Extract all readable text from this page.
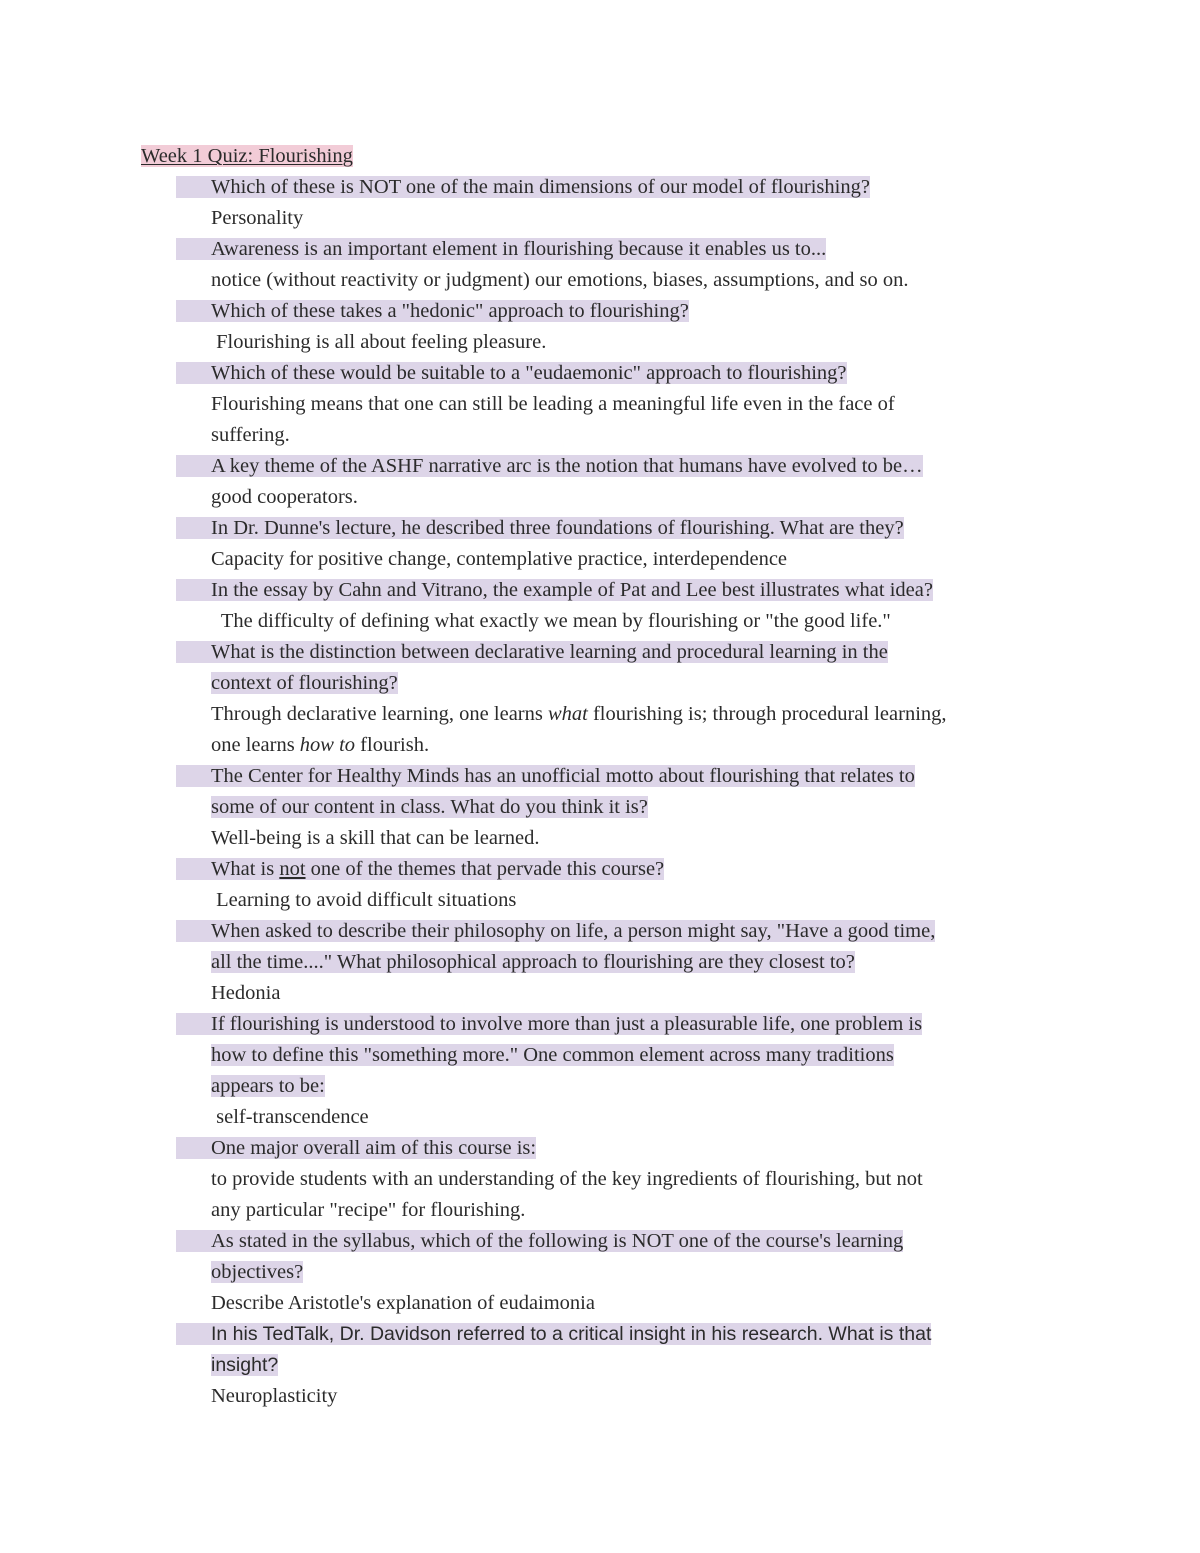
Week 1 Quiz: Flourishing
Which of these is NOT one of the main dimensions of our model of flourishing?
Personality
Awareness is an important element in flourishing because it enables us to...
notice (without reactivity or judgment) our emotions, biases, assumptions, and so on.
Which of these takes a "hedonic" approach to flourishing?
Flourishing is all about feeling pleasure.
Which of these would be suitable to a "eudaemonic" approach to flourishing?
Flourishing means that one can still be leading a meaningful life even in the face of
suffering.
A key theme of the ASHF narrative arc is the notion that humans have evolved to be…
good cooperators.
In Dr. Dunne's lecture, he described three foundations of flourishing. What are they?
Capacity for positive change, contemplative practice, interdependence
In the essay by Cahn and Vitrano, the example of Pat and Lee best illustrates what idea?
The difficulty of defining what exactly we mean by flourishing or "the good life."
What is the distinction between declarative learning and procedural learning in the
context of flourishing?
Through declarative learning, one learns what flourishing is; through procedural learning,
one learns how to flourish.
The Center for Healthy Minds has an unofficial motto about flourishing that relates to
some of our content in class. What do you think it is?
Well-being is a skill that can be learned.
What is not one of the themes that pervade this course?
Learning to avoid difficult situations
When asked to describe their philosophy on life, a person might say, "Have a good time,
all the time...." What philosophical approach to flourishing are they closest to?
Hedonia
If flourishing is understood to involve more than just a pleasurable life, one problem is
how to define this "something more." One common element across many traditions
appears to be:
self-transcendence
One major overall aim of this course is:
to provide students with an understanding of the key ingredients of flourishing, but not
any particular "recipe" for flourishing.
As stated in the syllabus, which of the following is NOT one of the course's learning
objectives?
Describe Aristotle's explanation of eudaimonia
In his TedTalk, Dr. Davidson referred to a critical insight in his research. What is that
insight?
Neuroplasticity
